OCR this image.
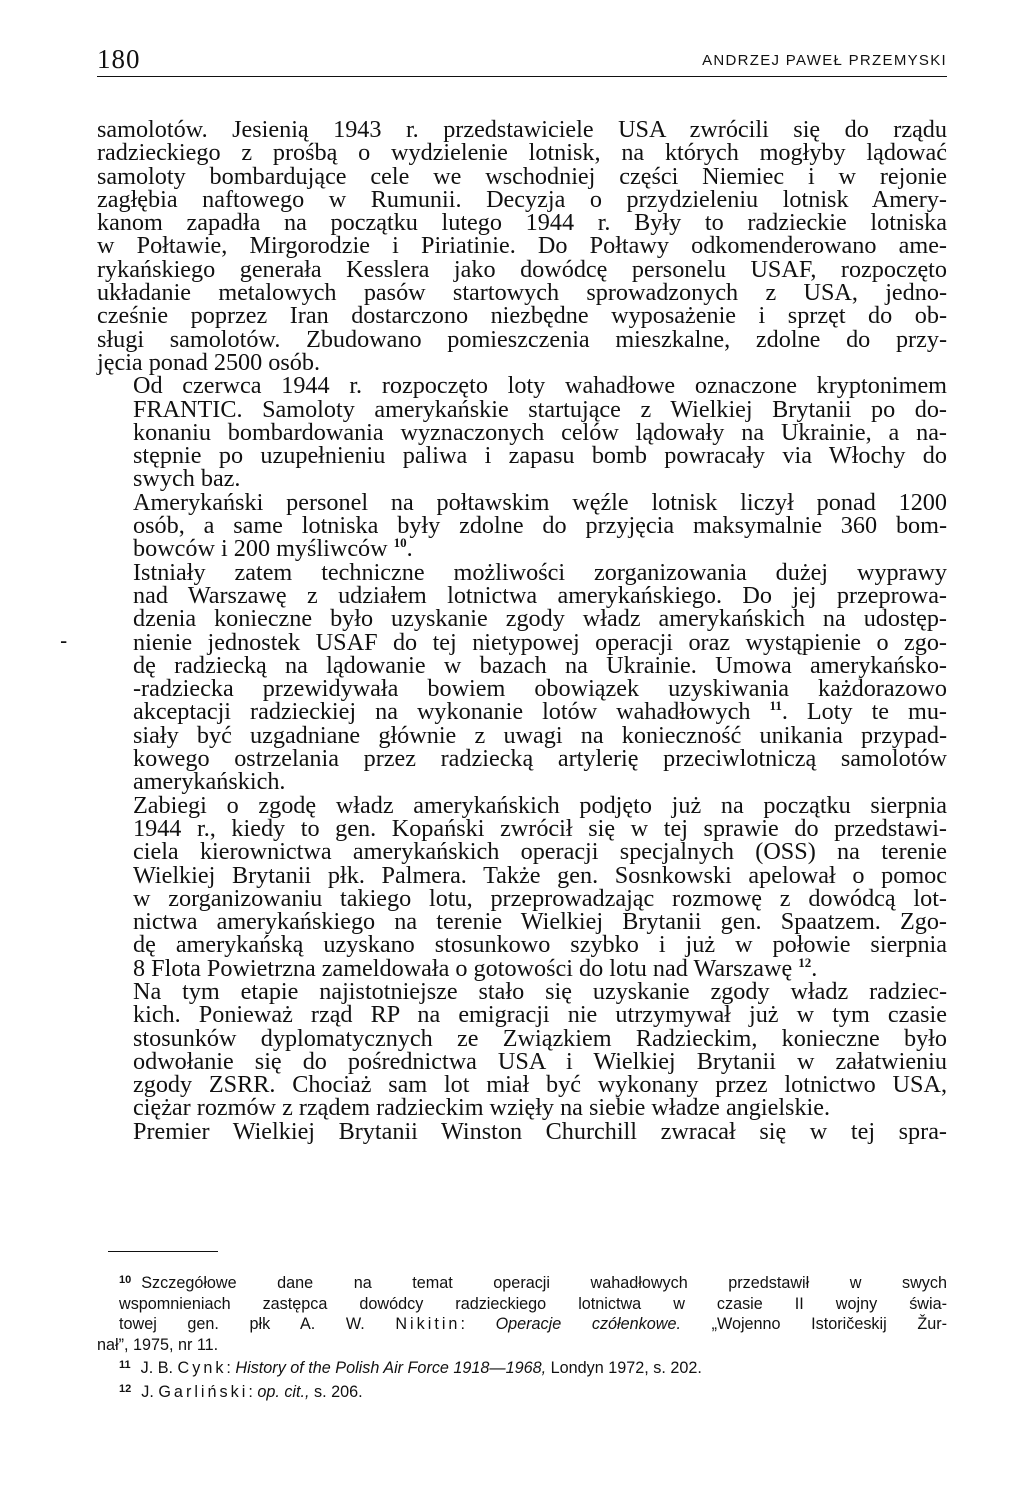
180	ANDRZEJ PAWEŁ PRZEMYSKI
-

samolotów. Jesienią 1943 r. przedstawiciele USA zwrócili się do rządu
radzieckiego z prośbą o wydzielenie lotnisk, na których mogłyby lądować
samoloty bombardujące cele we wschodniej części Niemiec i w rejonie
zagłębia naftowego w Rumunii. Decyzja o przydzieleniu lotnisk Amery-
kanom zapadła na początku lutego 1944 r. Były to radzieckie lotniska
w Połtawie, Mirgorodzie i Piriatinie. Do Połtawy odkomenderowano ame-
rykańskiego generała Kesslera jako dowódcę personelu USAF, rozpoczęto
układanie metalowych pasów startowych sprowadzonych z USA, jedno-
cześnie poprzez Iran dostarczono niezbędne wyposażenie i sprzęt do ob-
sługi samolotów. Zbudowano pomieszczenia mieszkalne, zdolne do przy-
jęcia ponad 2500 osób.

Od czerwca 1944 r. rozpoczęto loty wahadłowe oznaczone kryptonimem
FRANTIC. Samoloty amerykańskie startujące z Wielkiej Brytanii po do-
konaniu bombardowania wyznaczonych celów lądowały na Ukrainie, a na-
stępnie po uzupełnieniu paliwa i zapasu bomb powracały via Włochy do
swych baz.

Amerykański personel na połtawskim węźle lotnisk liczył ponad 1200
osób, a same lotniska były zdolne do przyjęcia maksymalnie 360 bom-
bowców i 200 myśliwców $^{10}$.

Istniały zatem techniczne możliwości zorganizowania dużej wyprawy
nad Warszawę z udziałem lotnictwa amerykańskiego. Do jej przeprowa-
dzenia konieczne było uzyskanie zgody władz amerykańskich na udostęp-
nienie jednostek USAF do tej nietypowej operacji oraz wystąpienie o zgo-
dę radziecką na lądowanie w bazach na Ukrainie. Umowa amerykańsko-
-radziecka przewidywała bowiem obowiązek uzyskiwania każdorazowo
akceptacji radzieckiej na wykonanie lotów wahadłowych $^{11}$. Loty te mu-
siały być uzgadniane głównie z uwagi na konieczność unikania przypad-
kowego ostrzelania przez radziecką artylerię przeciwlotniczą samolotów
amerykańskich.

Zabiegi o zgodę władz amerykańskich podjęto już na początku sierpnia
1944 r., kiedy to gen. Kopański zwrócił się w tej sprawie do przedstawi-
ciela kierownictwa amerykańskich operacji specjalnych (OSS) na terenie
Wielkiej Brytanii płk. Palmera. Także gen. Sosnkowski apelował o pomoc
w zorganizowaniu takiego lotu, przeprowadzając rozmowę z dowódcą lot-
nictwa amerykańskiego na terenie Wielkiej Brytanii gen. Spaatzem. Zgo-
dę amerykańską uzyskano stosunkowo szybko i już w połowie sierpnia
8 Flota Powietrzna zameldowała o gotowości do lotu nad Warszawę $^{12}$.

Na tym etapie najistotniejsze stało się uzyskanie zgody władz radziec-
kich. Ponieważ rząd RP na emigracji nie utrzymywał już w tym czasie
stosunków dyplomatycznych ze Związkiem Radzieckim, konieczne było
odwołanie się do pośrednictwa USA i Wielkiej Brytanii w załatwieniu
zgody ZSRR. Chociaż sam lot miał być wykonany przez lotnictwo USA,
ciężar rozmów z rządem radzieckim wzięły na siebie władze angielskie.

Premier Wielkiej Brytanii Winston Churchill zwracał się w tej spra-

$^{10}$ Szczegółowe dane na temat operacji wahadłowych przedstawił w swych
wspomnieniach zastępca dowódcy radzieckiego lotnictwa w czasie II wojny świa-
towej gen. płk A. W. Nikitin: Operacje czółenkowe. „Wojenno Istoričeskij Žur-
nał”, 1975, nr 11.

$^{11}$ J. B. Cynk: History of the Polish Air Force 1918—1968, Londyn 1972, s. 202.

$^{12}$ J. Garliński: op. cit., s. 206.
